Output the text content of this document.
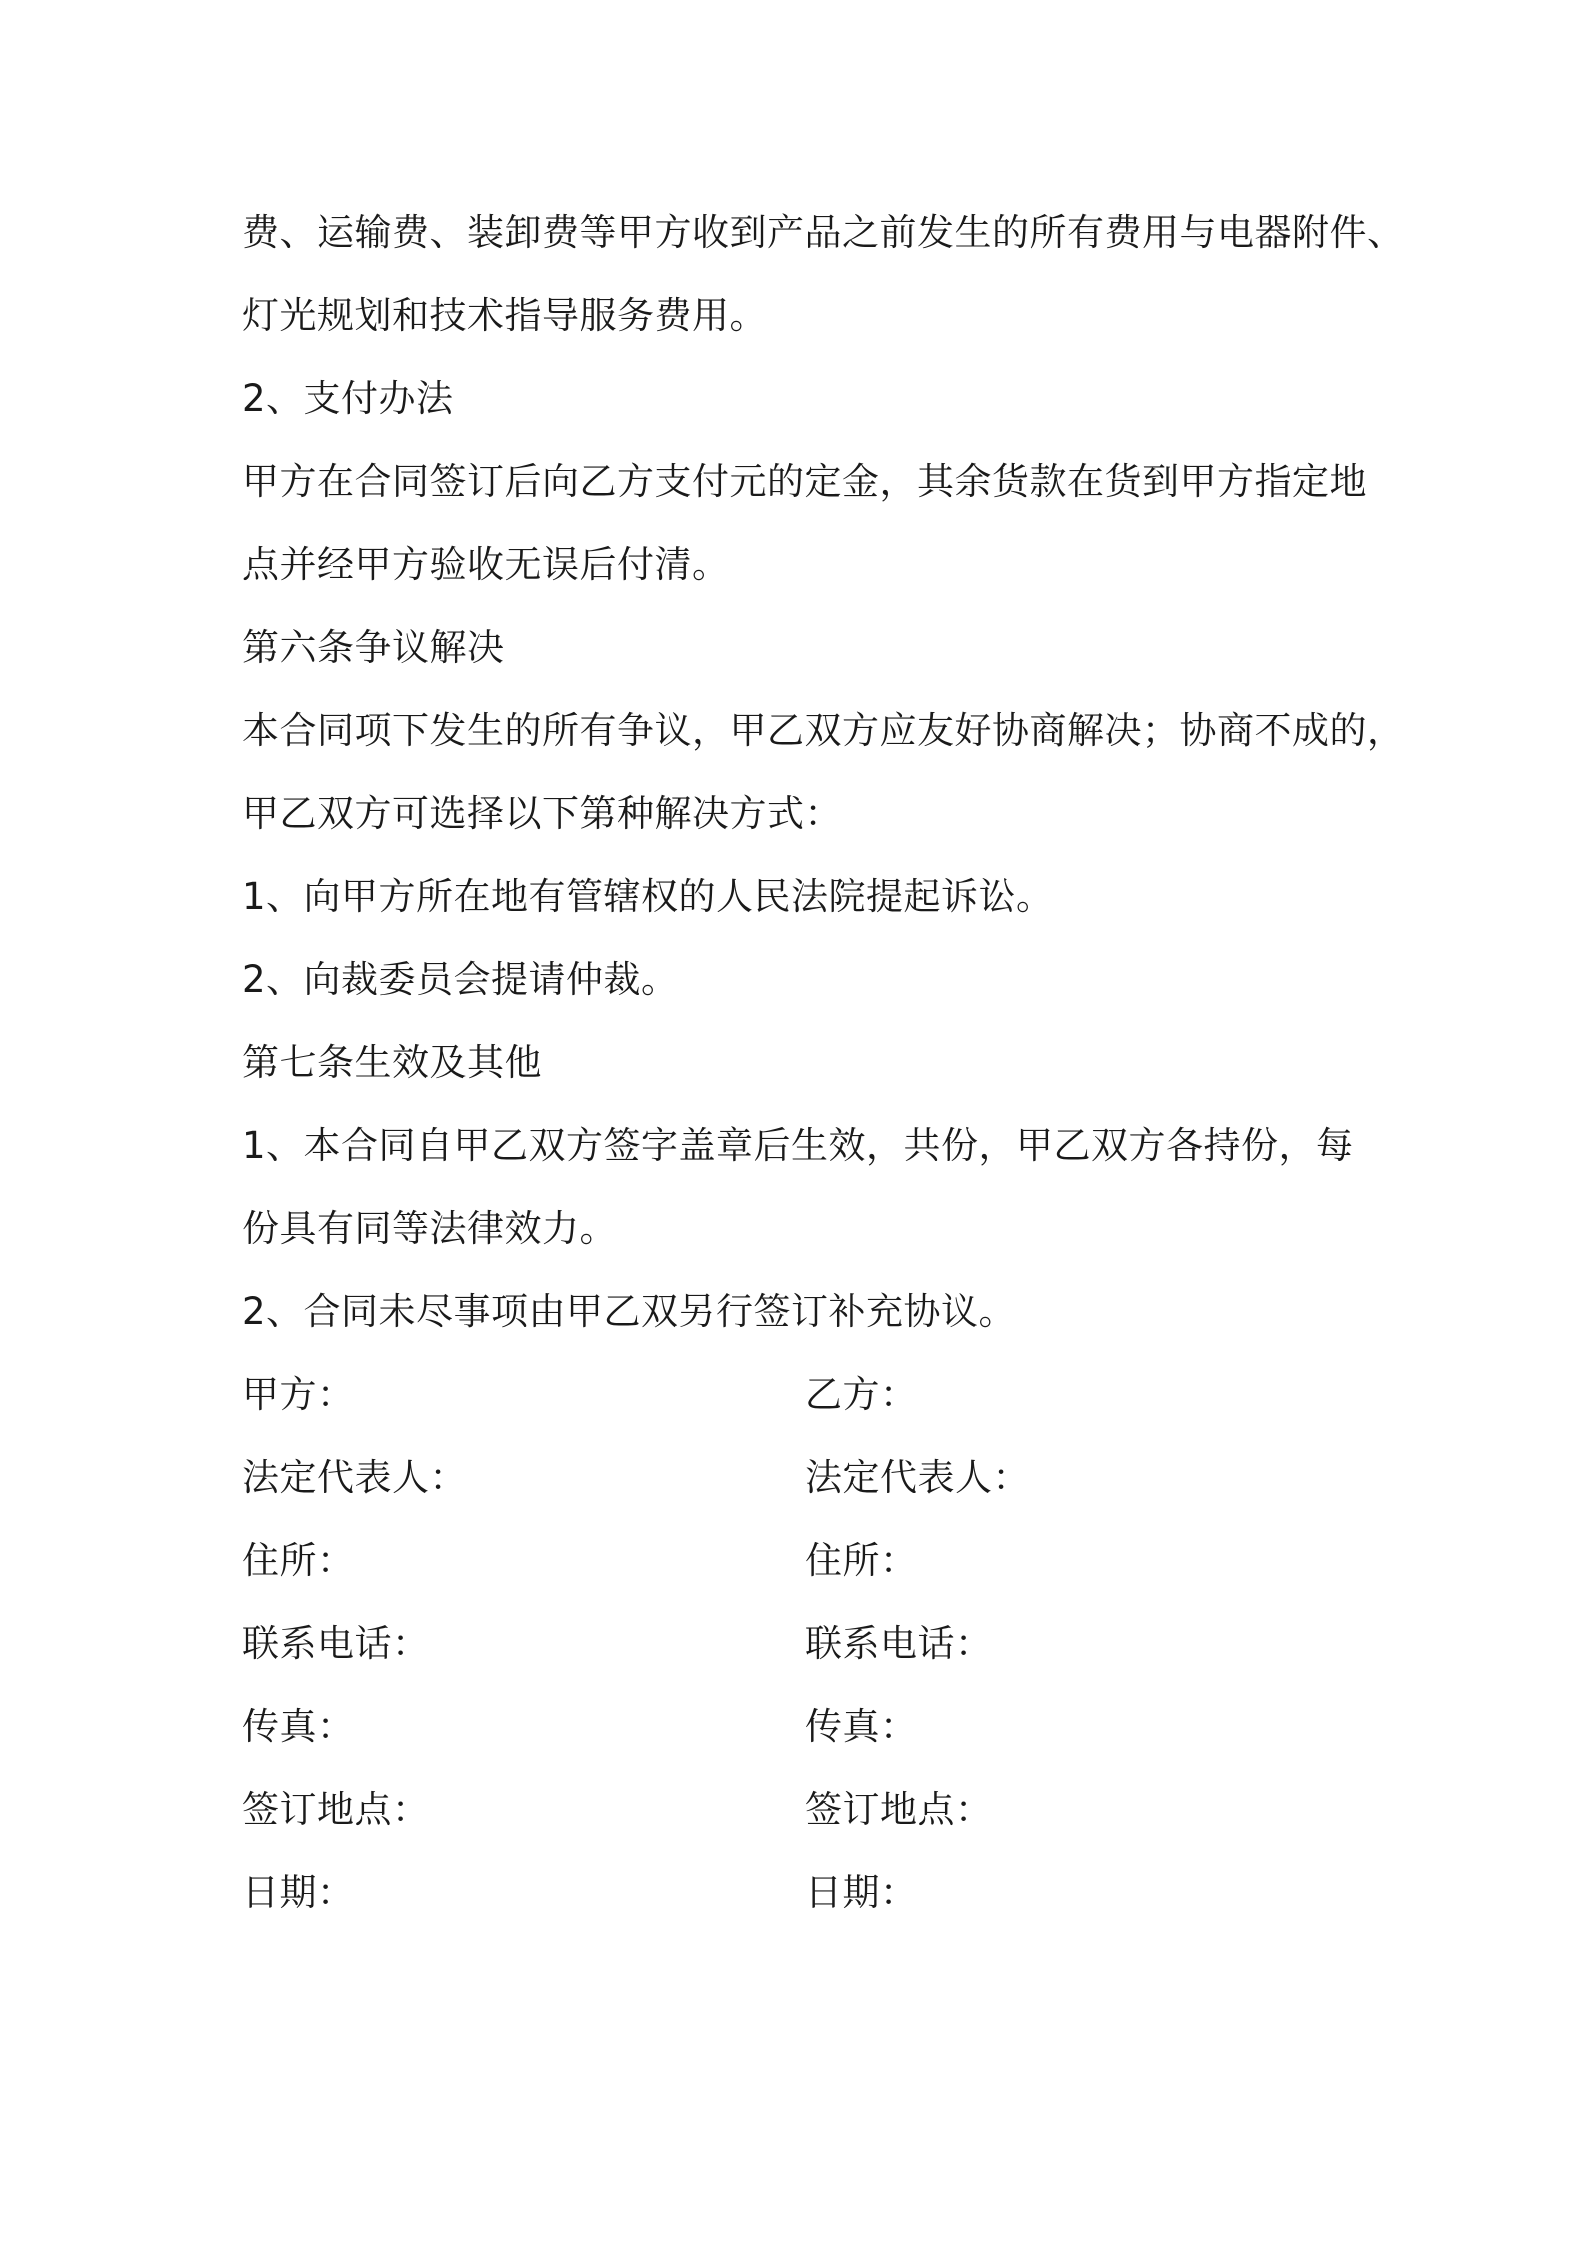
费、运输费、装卸费等甲方收到产品之前发生的所有费用与电器附件、
灯光规划和技术指导服务费用。
2、支付办法
甲方在合同签订后向乙方支付元的定金，其余货款在货到甲方指定地
点并经甲方验收无误后付清。
第六条争议解决
本合同项下发生的所有争议，甲乙双方应友好协商解决；协商不成的，
甲乙双方可选择以下第种解决方式：
1、向甲方所在地有管辖权的人民法院提起诉讼。
2、向裁委员会提请仲裁。
第七条生效及其他
1、本合同自甲乙双方签字盖章后生效，共份，甲乙双方各持份，每
份具有同等法律效力。
2、合同未尽事项由甲乙双另行签订补充协议。
甲方：	乙方：
法定代表人：	法定代表人：
住所：	住所：
联系电话：	联系电话：
传真：	传真：
签订地点：	签订地点：
日期：	日期：
